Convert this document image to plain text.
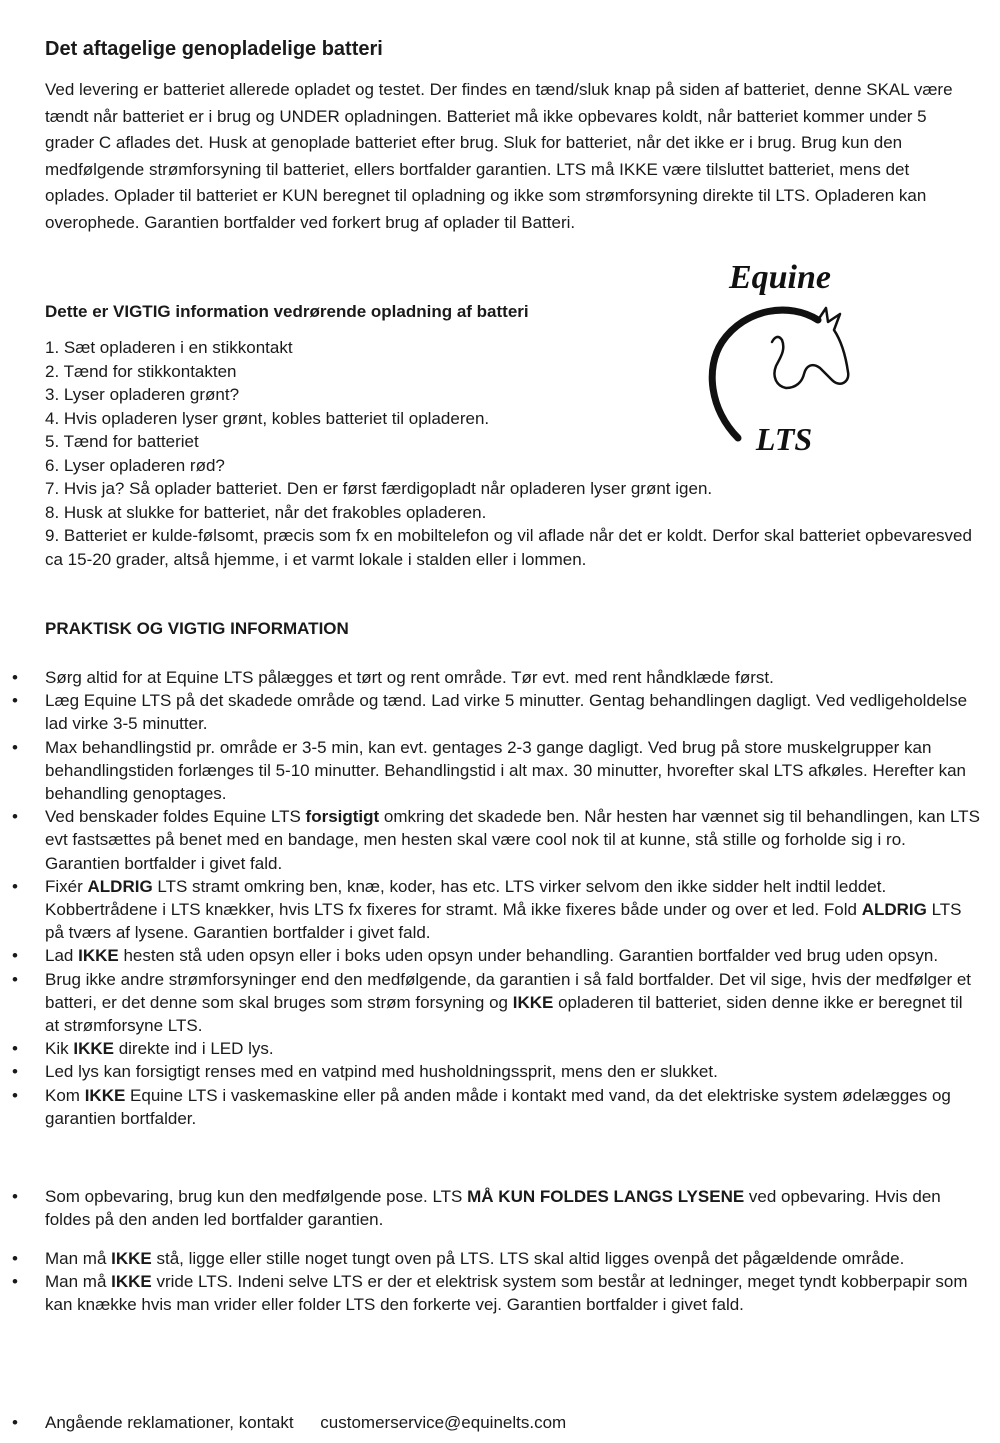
Det aftagelige genopladelige batteri

Ved levering er batteriet allerede opladet og testet. Der findes en tænd/sluk knap på siden af batteriet, denne SKAL være tændt når batteriet er i brug og UNDER opladningen. Batteriet må ikke opbevares koldt, når batteriet kommer under 5 grader C aflades det. Husk at genoplade batteriet efter brug. Sluk for batteriet, når det ikke er i brug. Brug kun den medfølgende strømforsyning til batteriet, ellers bortfalder garantien. LTS må IKKE være tilsluttet batteriet, mens det oplades. Oplader til batteriet er KUN beregnet til opladning og ikke som strømforsyning direkte til LTS. Opladeren kan overophede. Garantien bortfalder ved forkert brug af oplader til Batteri.

Equine
LTS
Dette er VIGTIG information vedrørende opladning af batteri
1. Sæt opladeren i en stikkontakt
2. Tænd for stikkontakten
3. Lyser opladeren grønt?
4. Hvis opladeren lyser grønt, kobles batteriet til opladeren.
5. Tænd for batteriet
6. Lyser opladeren rød?
7. Hvis ja? Så oplader batteriet. Den er først færdigopladt når opladeren lyser grønt igen.
8. Husk at slukke for batteriet, når det frakobles opladeren.
9. Batteriet er kulde-følsomt, præcis som fx en mobiltelefon og vil aflade når det er koldt. Derfor skal batteriet opbevaresved ca 15-20 grader, altså hjemme, i et varmt lokale i stalden eller i lommen.
PRAKTISK OG VIGTIG INFORMATION
• Sørg altid for at Equine LTS pålægges et tørt og rent område. Tør evt. med rent håndklæde først.
• Læg Equine LTS på det skadede område og tænd. Lad virke 5 minutter. Gentag behandlingen dagligt. Ved vedligeholdelse lad virke 3-5 minutter.
• Max behandlingstid pr. område er 3-5 min, kan evt. gentages 2-3 gange dagligt. Ved brug på store muskelgrupper kan behandlingstiden forlænges til 5-10 minutter. Behandlingstid i alt max. 30 minutter, hvorefter skal LTS afkøles. Herefter kan behandling genoptages.
• Ved benskader foldes Equine LTS forsigtigt omkring det skadede ben. Når hesten har vænnet sig til behandlingen, kan LTS evt fastsættes på benet med en bandage, men hesten skal være cool nok til at kunne, stå stille og forholde sig i ro. Garantien bortfalder i givet fald.
• Fixér ALDRIG LTS stramt omkring ben, knæ, koder, has etc. LTS virker selvom den ikke sidder helt indtil leddet. Kobbertrådene i LTS knækker, hvis LTS fx fixeres for stramt. Må ikke fixeres både under og over et led. Fold ALDRIG LTS på tværs af lysene. Garantien bortfalder i givet fald.
• Lad IKKE hesten stå uden opsyn eller i boks uden opsyn under behandling. Garantien bortfalder ved brug uden opsyn.
• Brug ikke andre strømforsyninger end den medfølgende, da garantien i så fald bortfalder. Det vil sige, hvis der medfølger et batteri, er det denne som skal bruges som strøm forsyning og IKKE opladeren til batteriet, siden denne ikke er beregnet til at strømforsyne LTS.
• Kik IKKE direkte ind i LED lys.
• Led lys kan forsigtigt renses med en vatpind med husholdningssprit, mens den er slukket.
• Kom IKKE Equine LTS i vaskemaskine eller på anden måde i kontakt med vand, da det elektriske system ødelægges og garantien bortfalder.
• Som opbevaring, brug kun den medfølgende pose. LTS MÅ KUN FOLDES LANGS LYSENE ved opbevaring. Hvis den foldes på den anden led bortfalder garantien.
• Man må IKKE stå, ligge eller stille noget tungt oven på LTS. LTS skal altid ligges ovenpå det pågældende område.
• Man må IKKE vride LTS. Indeni selve LTS er der et elektrisk system som består at ledninger, meget tyndt kobberpapir som kan knække hvis man vrider eller folder LTS den forkerte vej. Garantien bortfalder i givet fald.
• Angående reklamationer, kontakt customerservice@equinelts.com
